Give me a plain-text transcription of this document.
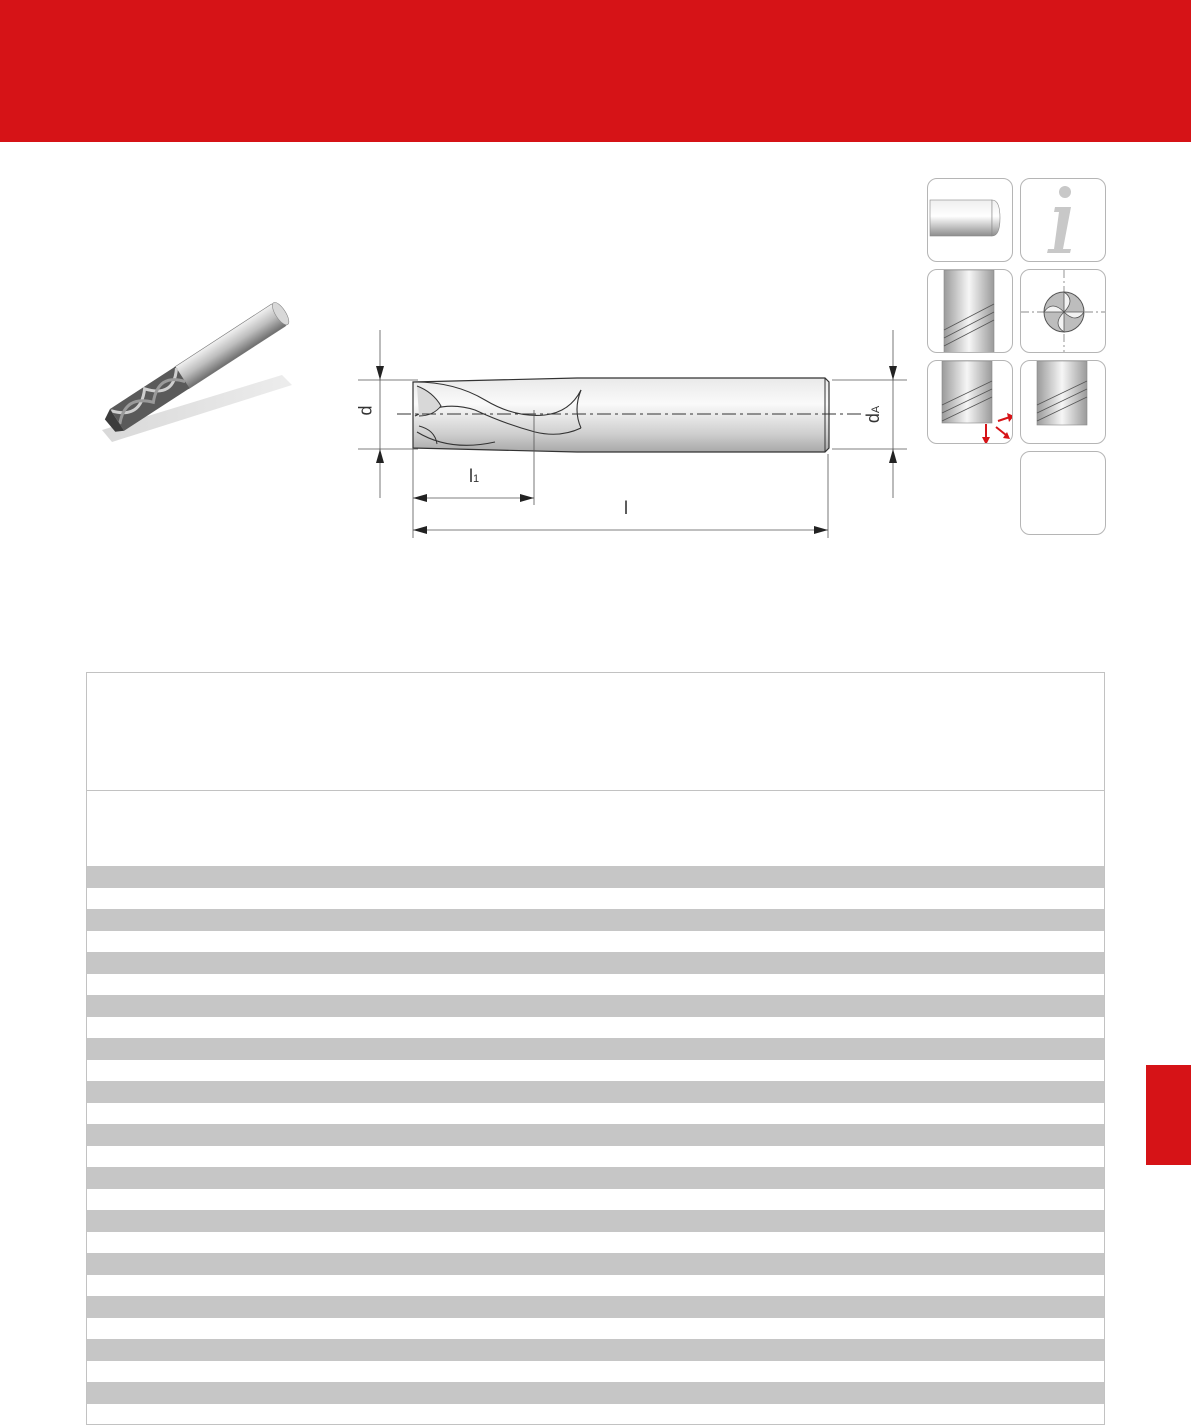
d
dA
l1
l
